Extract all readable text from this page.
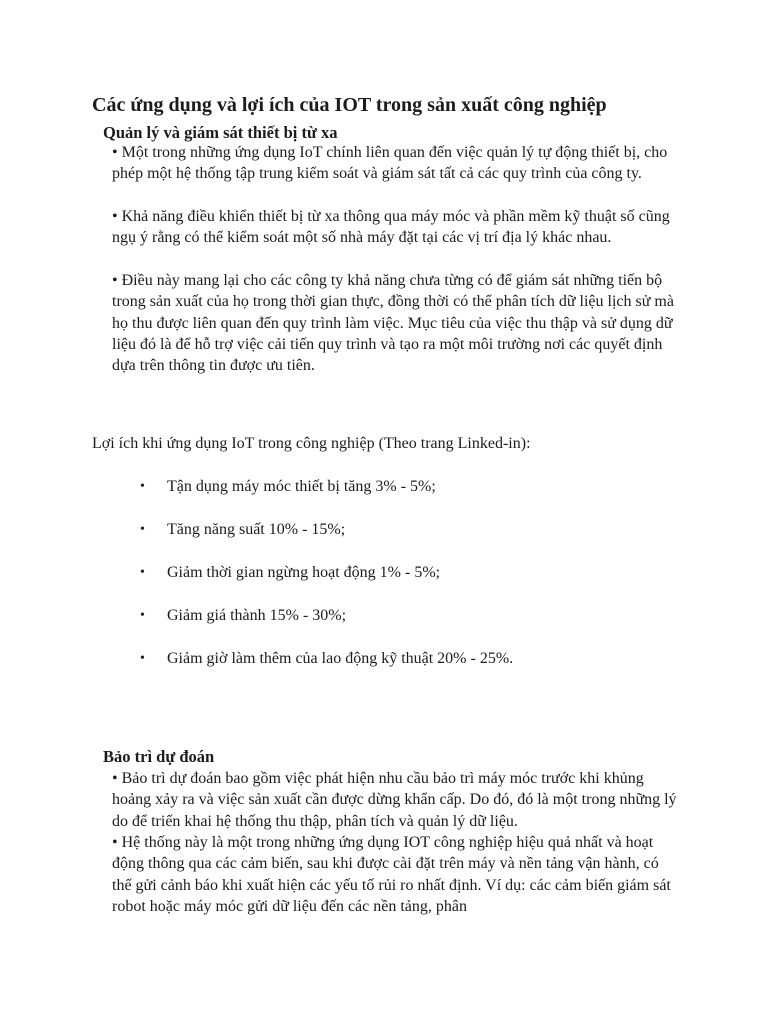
Các ứng dụng và lợi ích của IOT trong sản xuất công nghiệp
Quản lý và giám sát thiết bị từ xa

• Một trong những ứng dụng IoT chính liên quan đến việc quản lý tự động thiết bị, cho phép một hệ thống tập trung kiểm soát và giám sát tất cả các quy trình của công ty.

• Khả năng điều khiển thiết bị từ xa thông qua máy móc và phần mềm kỹ thuật số cũng ngụ ý rằng có thể kiểm soát một số nhà máy đặt tại các vị trí địa lý khác nhau.

• Điều này mang lại cho các công ty khả năng chưa từng có để giám sát những tiến bộ trong sản xuất của họ trong thời gian thực, đồng thời có thể phân tích dữ liệu lịch sử mà họ thu được liên quan đến quy trình làm việc. Mục tiêu của việc thu thập và sử dụng dữ liệu đó là để hỗ trợ việc cải tiến quy trình và tạo ra một môi trường nơi các quyết định dựa trên thông tin được ưu tiên.

Lợi ích khi ứng dụng IoT trong công nghiệp (Theo trang Linked-in):

• Tận dụng máy móc thiết bị tăng 3% - 5%;
• Tăng năng suất 10% - 15%;
• Giảm thời gian ngừng hoạt động 1% - 5%;
• Giảm giá thành 15% - 30%;
• Giảm giờ làm thêm của lao động kỹ thuật 20% - 25%.
Bảo trì dự đoán

• Bảo trì dự đoán bao gồm việc phát hiện nhu cầu bảo trì máy móc trước khi khủng hoảng xảy ra và việc sản xuất cần được dừng khẩn cấp. Do đó, đó là một trong những lý do để triển khai hệ thống thu thập, phân tích và quản lý dữ liệu.

• Hệ thống này là một trong những ứng dụng IOT công nghiệp hiệu quả nhất và hoạt động thông qua các cảm biến, sau khi được cài đặt trên máy và nền tảng vận hành, có thể gửi cảnh báo khi xuất hiện các yếu tố rủi ro nhất định. Ví dụ: các cảm biến giám sát robot hoặc máy móc gửi dữ liệu đến các nền tảng, phân
